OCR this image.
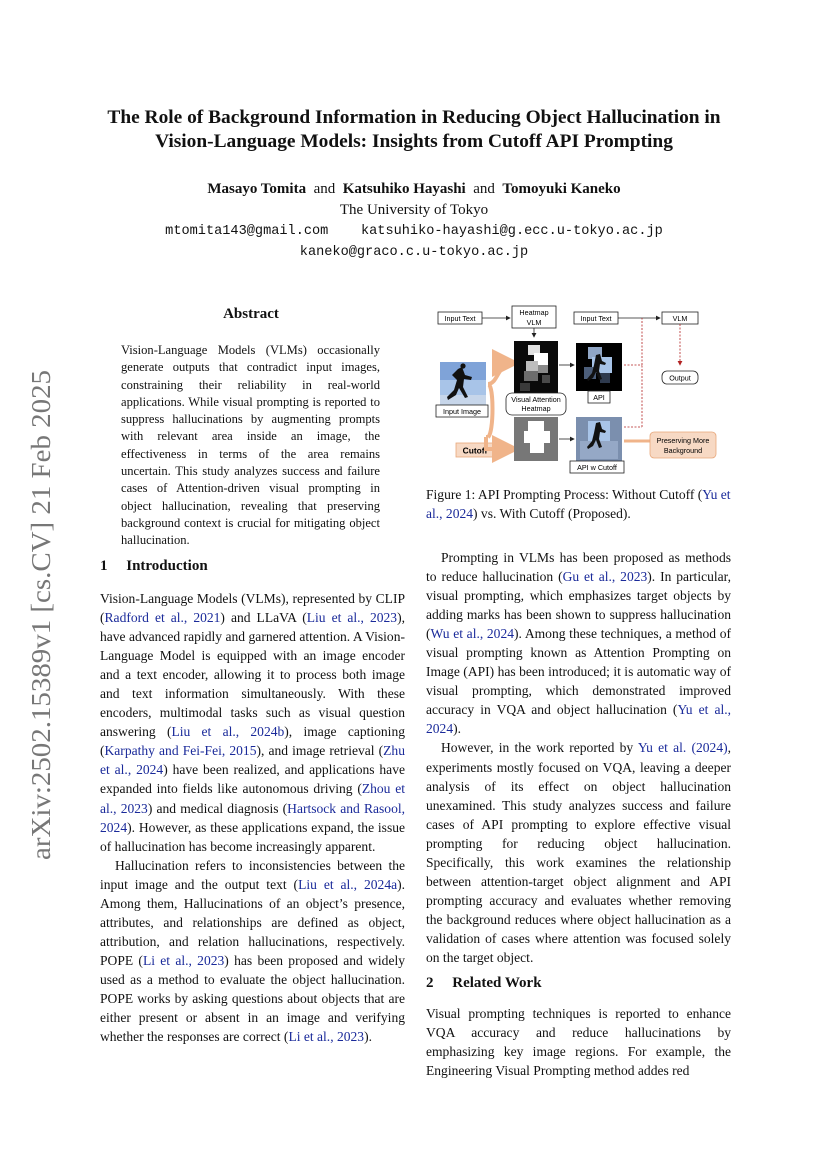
arXiv:2502.15389v1 [cs.CV] 21 Feb 2025
The Role of Background Information in Reducing Object Hallucination in
Vision-Language Models: Insights from Cutoff API Prompting
Masayo Tomita and Katsuhiko Hayashi and Tomoyuki Kaneko
The University of Tokyo
mtomita143@gmail.com katsuhiko-hayashi@g.ecc.u-tokyo.ac.jp
kaneko@graco.c.u-tokyo.ac.jp
Abstract
Vision-Language Models (VLMs) occasionally generate outputs that contradict input images, constraining their reliability in real-world applications. While visual prompting is reported to suppress hallucinations by augmenting prompts with relevant area inside an image, the effectiveness in terms of the area remains uncertain. This study analyzes success and failure cases of Attention-driven visual prompting in object hallucination, revealing that preserving background context is crucial for mitigating object hallucination.
Input Text
Heatmap
VLM
Input Image
Visual Attention
Heatmap
API
Input Text	VLM
Output
Cutoff
API w Cutoff
Preserving More
Background
Figure 1: API Prompting Process: Without Cutoff (Yu et al., 2024) vs. With Cutoff (Proposed).
1 Introduction

Vision-Language Models (VLMs), represented by CLIP (Radford et al., 2021) and LLaVA (Liu et al., 2023), have advanced rapidly and garnered attention. A Vision-Language Model is equipped with an image encoder and a text encoder, allowing it to process both image and text information simultaneously. With these encoders, multimodal tasks such as visual question answering (Liu et al., 2024b), image captioning (Karpathy and Fei-Fei, 2015), and image retrieval (Zhu et al., 2024) have been realized, and applications have expanded into fields like autonomous driving (Zhou et al., 2023) and medical diagnosis (Hartsock and Rasool, 2024). However, as these applications expand, the issue of hallucination has become increasingly apparent.

Hallucination refers to inconsistencies between the input image and the output text (Liu et al., 2024a). Among them, Hallucinations of an object’s presence, attributes, and relationships are defined as object, attribution, and relation hallucinations, respectively. POPE (Li et al., 2023) has been proposed and widely used as a method to evaluate the object hallucination. POPE works by asking questions about objects that are either present or absent in an image and verifying whether the responses are correct (Li et al., 2023).

Prompting in VLMs has been proposed as methods to reduce hallucination (Gu et al., 2023). In particular, visual prompting, which emphasizes target objects by adding marks has been shown to suppress hallucination (Wu et al., 2024). Among these techniques, a method of visual prompting known as Attention Prompting on Image (API) has been introduced; it is automatic way of visual prompting, which demonstrated improved accuracy in VQA and object hallucination (Yu et al., 2024).

However, in the work reported by Yu et al. (2024), experiments mostly focused on VQA, leaving a deeper analysis of its effect on object hallucination unexamined. This study analyzes success and failure cases of API prompting to explore effective visual prompting for reducing object hallucination. Specifically, this work examines the relationship between attention-target object alignment and API prompting accuracy and evaluates whether removing the background reduces where object hallucination as a validation of cases where attention was focused solely on the target object.

2 Related Work

Visual prompting techniques is reported to enhance VQA accuracy and reduce hallucinations by emphasizing key image regions. For example, the Engineering Visual Prompting method addes red
